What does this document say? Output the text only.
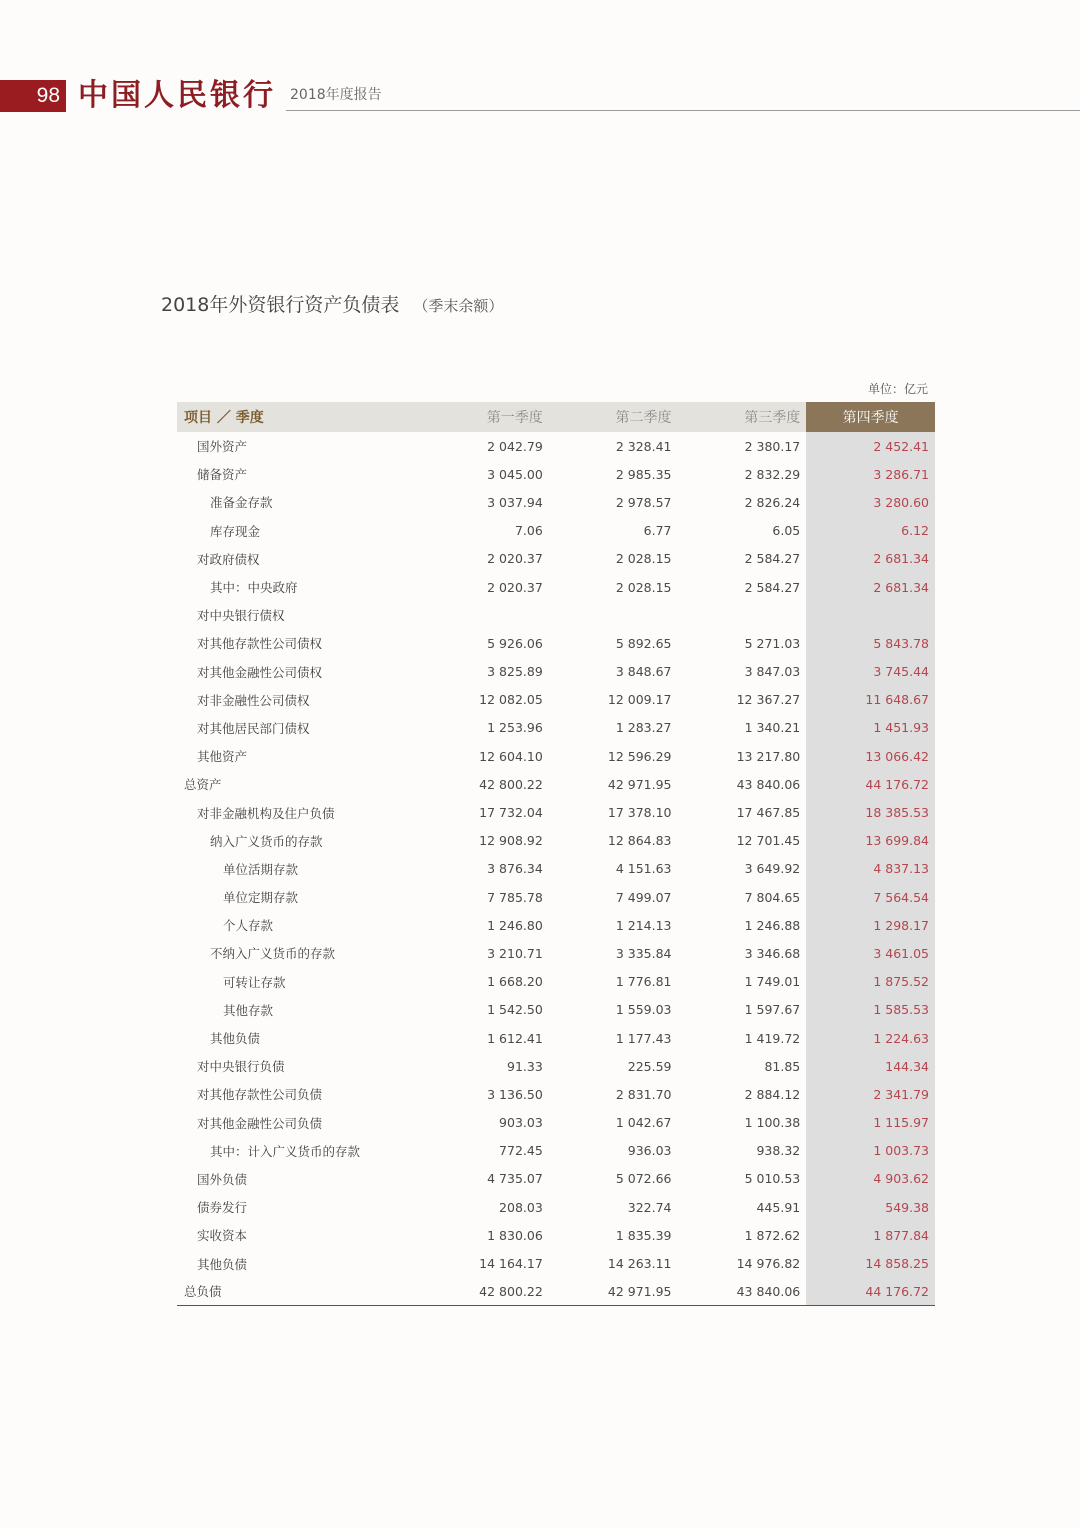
98 中国人民银行 2018年度报告
2018年外资银行资产负债表 （季末余额）
单位：亿元
项目 ／ 季度	第一季度	第二季度	第三季度	第四季度
国外资产	2 042.79	2 328.41	2 380.17	2 452.41
储备资产	3 045.00	2 985.35	2 832.29	3 286.71
准备金存款	3 037.94	2 978.57	2 826.24	3 280.60
库存现金	7.06	6.77	6.05	6.12
对政府债权	2 020.37	2 028.15	2 584.27	2 681.34
其中：中央政府	2 020.37	2 028.15	2 584.27	2 681.34
对中央银行债权				
对其他存款性公司债权	5 926.06	5 892.65	5 271.03	5 843.78
对其他金融性公司债权	3 825.89	3 848.67	3 847.03	3 745.44
对非金融性公司债权	12 082.05	12 009.17	12 367.27	11 648.67
对其他居民部门债权	1 253.96	1 283.27	1 340.21	1 451.93
其他资产	12 604.10	12 596.29	13 217.80	13 066.42
总资产	42 800.22	42 971.95	43 840.06	44 176.72
对非金融机构及住户负债	17 732.04	17 378.10	17 467.85	18 385.53
纳入广义货币的存款	12 908.92	12 864.83	12 701.45	13 699.84
单位活期存款	3 876.34	4 151.63	3 649.92	4 837.13
单位定期存款	7 785.78	7 499.07	7 804.65	7 564.54
个人存款	1 246.80	1 214.13	1 246.88	1 298.17
不纳入广义货币的存款	3 210.71	3 335.84	3 346.68	3 461.05
可转让存款	1 668.20	1 776.81	1 749.01	1 875.52
其他存款	1 542.50	1 559.03	1 597.67	1 585.53
其他负债	1 612.41	1 177.43	1 419.72	1 224.63
对中央银行负债	91.33	225.59	81.85	144.34
对其他存款性公司负债	3 136.50	2 831.70	2 884.12	2 341.79
对其他金融性公司负债	903.03	1 042.67	1 100.38	1 115.97
其中：计入广义货币的存款	772.45	936.03	938.32	1 003.73
国外负债	4 735.07	5 072.66	5 010.53	4 903.62
债券发行	208.03	322.74	445.91	549.38
实收资本	1 830.06	1 835.39	1 872.62	1 877.84
其他负债	14 164.17	14 263.11	14 976.82	14 858.25
总负债	42 800.22	42 971.95	43 840.06	44 176.72
